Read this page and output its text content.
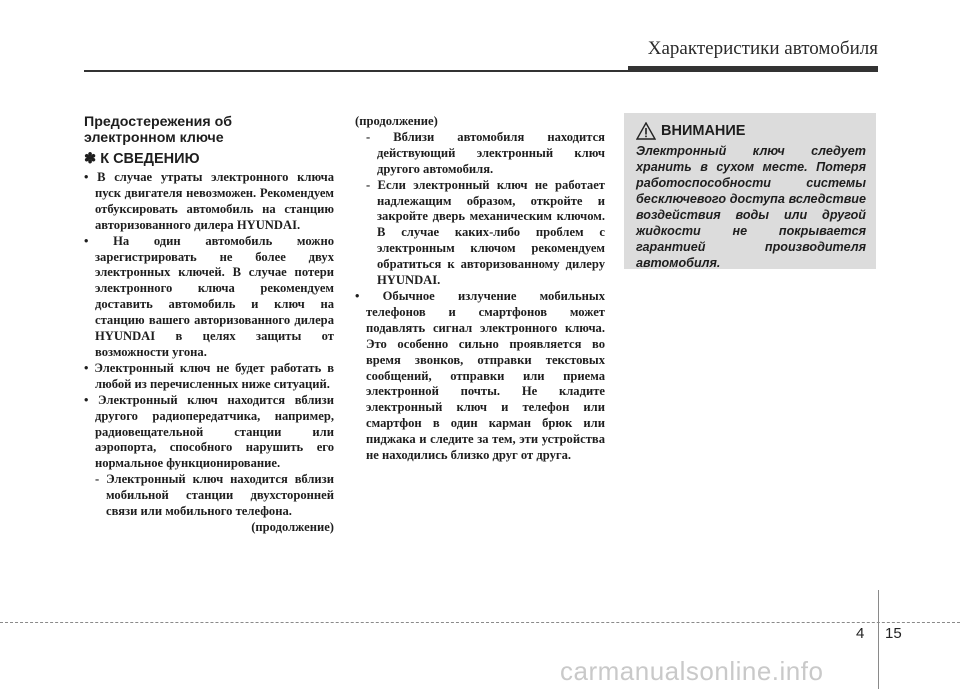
Характеристики автомобиля
Предостережения об
электронном ключе
✽ К СВЕДЕНИЮ

• В случае утраты электронного ключа пуск двигателя невозможен. Рекомендуем отбуксировать автомобиль на станцию авторизованного дилера HYUNDAI.

• На один автомобиль можно зарегистрировать не более двух электронных ключей. В случае потери электронного ключа рекомендуем доставить автомобиль и ключ на станцию вашего авторизованного дилера HYUNDAI в целях защиты от возможности угона.

• Электронный ключ не будет работать в любой из перечисленных ниже ситуаций.

• Электронный ключ находится вблизи другого радиопередатчика, например, радиовещательной станции или аэропорта, способного нарушить его нормальное функционирование.

- Электронный ключ находится вблизи мобильной станции двухсторонней связи или мобильного телефона.

(продолжение)

(продолжение)

- Вблизи автомобиля находится действующий электронный ключ другого автомобиля.

- Если электронный ключ не работает надлежащим образом, откройте и закройте дверь механическим ключом. В случае каких-либо проблем с электронным ключом рекомендуем обратиться к авторизованному дилеру HYUNDAI.

• Обычное излучение мобильных телефонов и смартфонов может подавлять сигнал электронного ключа. Это особенно сильно проявляется во время звонков, отправки текстовых сообщений, отправки или приема электронной почты. Не кладите электронный ключ и телефон или смартфон в один карман брюк или пиджака и следите за тем, эти устройства не находились близко друг от друга.

ВНИМАНИЕ

Электронный ключ следует хранить в сухом месте. Потеря работоспособности системы бесключевого доступа вследствие воздействия воды или другой жидкости не покрывается гарантией производителя автомобиля.

4 15
carmanualsonline.info
